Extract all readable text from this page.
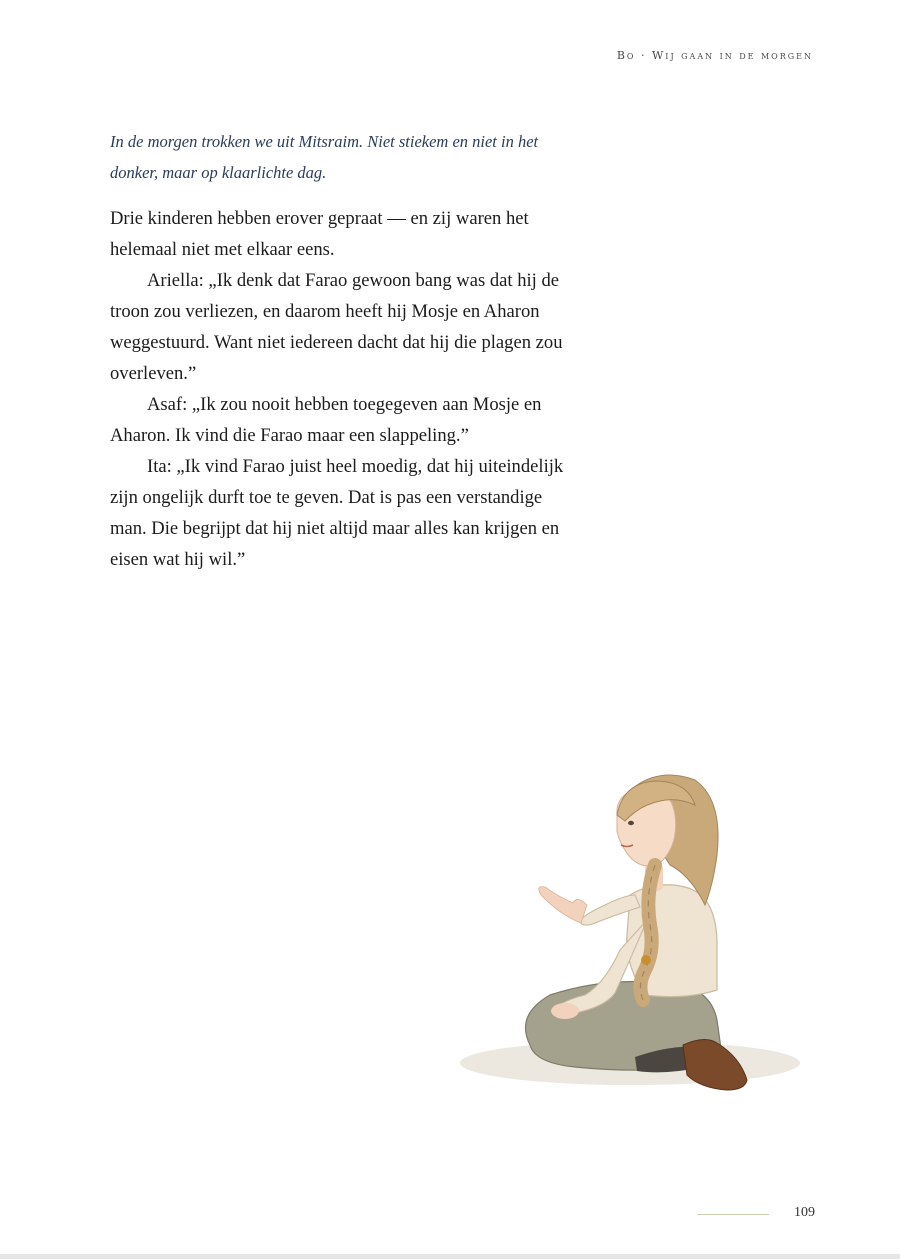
Bo · Wij gaan in de morgen

In de morgen trokken we uit Mitsraim. Niet stiekem en niet in het donker, maar op klaarlichte dag.

Drie kinderen hebben erover gepraat — en zij waren het helemaal niet met elkaar eens.

Ariella: „Ik denk dat Farao gewoon bang was dat hij de troon zou verliezen, en daarom heeft hij Mosje en Aharon weggestuurd. Want niet iedereen dacht dat hij die plagen zou overleven.”

Asaf: „Ik zou nooit hebben toegegeven aan Mosje en Aharon. Ik vind die Farao maar een slappeling.”

Ita: „Ik vind Farao juist heel moedig, dat hij uiteindelijk zijn ongelijk durft toe te geven. Dat is pas een verstandige man. Die begrijpt dat hij niet altijd maar alles kan krijgen en eisen wat hij wil.”

109
